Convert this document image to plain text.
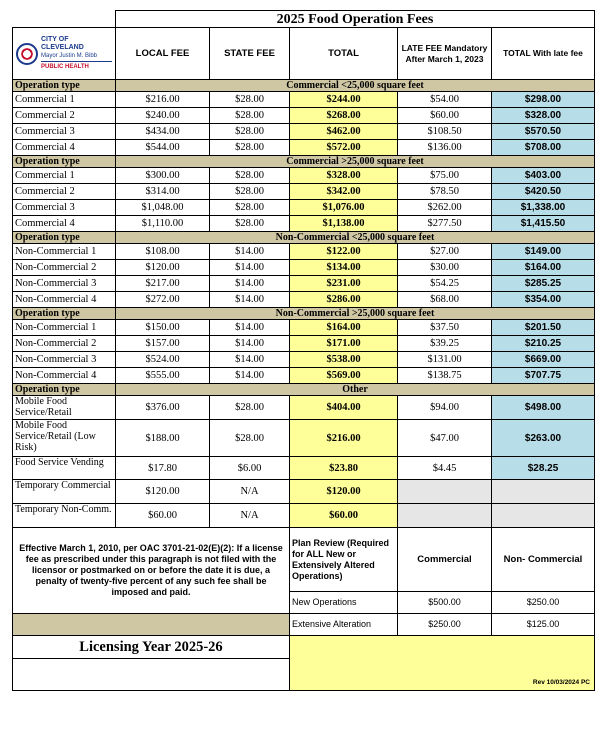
	2025 Food Operation Fees				

CITY OF CLEVELAND
Mayor Justin M. Bibb
PUBLIC HEALTH	LOCAL FEE	STATE FEE	TOTAL	LATE FEE Mandatory After March 1, 2023	TOTAL With late fee
Operation type	Commercial <25,000 square feet				
Commercial 1	$216.00	$28.00	$244.00	$54.00	$298.00
Commercial 2	$240.00	$28.00	$268.00	$60.00	$328.00
Commercial 3	$434.00	$28.00	$462.00	$108.50	$570.50
Commercial 4	$544.00	$28.00	$572.00	$136.00	$708.00
Operation type	Commercial >25,000 square feet				
Commercial 1	$300.00	$28.00	$328.00	$75.00	$403.00
Commercial 2	$314.00	$28.00	$342.00	$78.50	$420.50
Commercial 3	$1,048.00	$28.00	$1,076.00	$262.00	$1,338.00
Commercial 4	$1,110.00	$28.00	$1,138.00	$277.50	$1,415.50
Operation type	Non-Commercial <25,000 square feet				
Non-Commercial 1	$108.00	$14.00	$122.00	$27.00	$149.00
Non-Commercial 2	$120.00	$14.00	$134.00	$30.00	$164.00
Non-Commercial 3	$217.00	$14.00	$231.00	$54.25	$285.25
Non-Commercial 4	$272.00	$14.00	$286.00	$68.00	$354.00
Operation type	Non-Commercial >25,000 square feet				
Non-Commercial 1	$150.00	$14.00	$164.00	$37.50	$201.50
Non-Commercial 2	$157.00	$14.00	$171.00	$39.25	$210.25
Non-Commercial 3	$524.00	$14.00	$538.00	$131.00	$669.00
Non-Commercial 4	$555.00	$14.00	$569.00	$138.75	$707.75
Operation type	Other				
Mobile Food Service/Retail	$376.00	$28.00	$404.00	$94.00	$498.00
Mobile Food Service/Retail (Low Risk)	$188.00	$28.00	$216.00	$47.00	$263.00
Food Service Vending	$17.80	$6.00	$23.80	$4.45	$28.25
Temporary Commercial	$120.00	N/A	$120.00		
Temporary Non-Comm.	$60.00	N/A	$60.00		
Effective March 1, 2010, per OAC 3701-21-02(E)(2): If a license fee as prescribed under this paragraph is not filed with the licensor or postmarked on or before the date it is due, a penalty of twenty-five percent of any such fee shall be imposed and paid.			Plan Review (Required for ALL New or Extensively Altered Operations)	Commercial	Non- Commercial
			New Operations	$500.00	$250.00
			Extensive Alteration	$250.00	$125.00
Licensing Year 2025-26			Rev 10/03/2024 PC		
